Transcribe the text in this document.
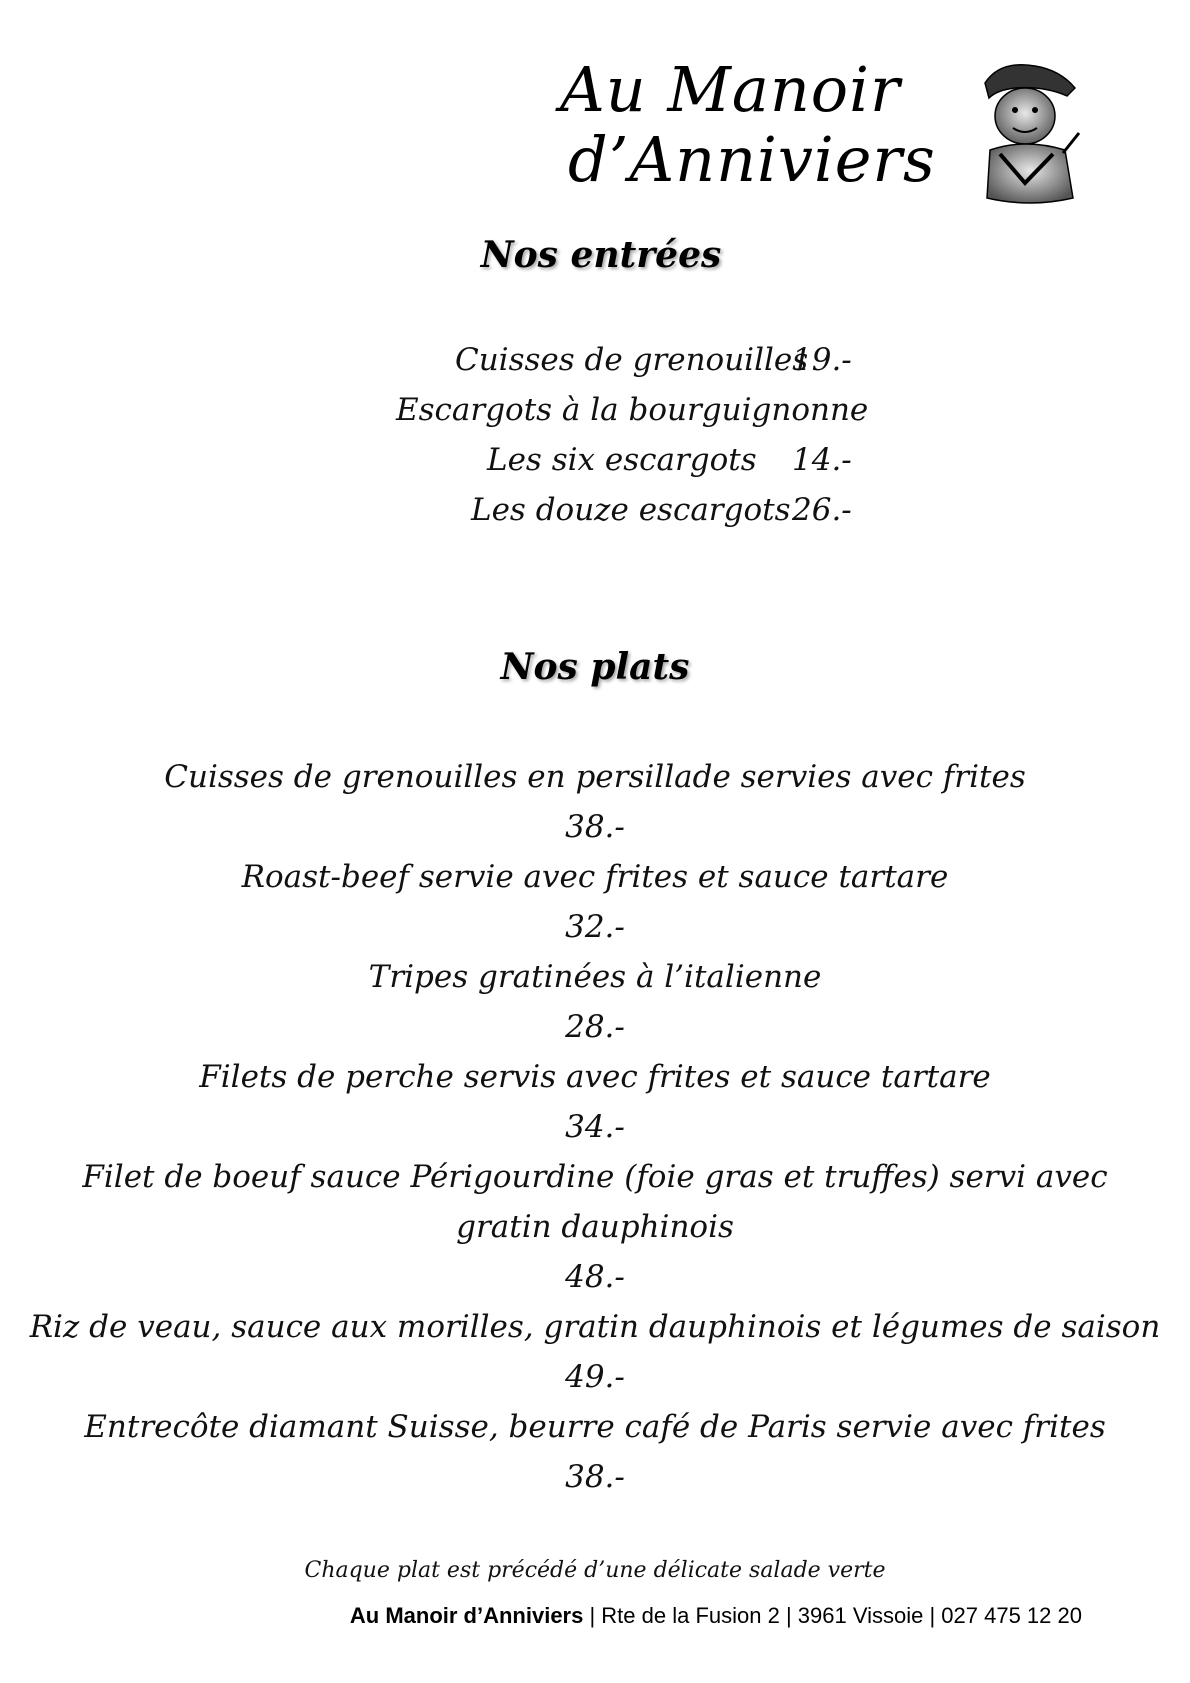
Au Manoir
d’Anniviers
Nos entrées
Cuisses de grenouilles
19.-
Escargots à la bourguignonne
Les six escargots 14.-
Les douze escargots 26.-
Nos plats
Cuisses de grenouilles en persillade servies avec frites
38.-
Roast-beef servie avec frites et sauce tartare
32.-
Tripes gratinées à l’italienne
28.-
Filets de perche servis avec frites et sauce tartare
34.-
Filet de boeuf sauce Périgourdine (foie gras et truffes) servi avec
gratin dauphinois
48.-
Riz de veau, sauce aux morilles, gratin dauphinois et légumes de saison
49.-
Entrecôte diamant Suisse, beurre café de Paris servie avec frites
38.-
Chaque plat est précédé d’une délicate salade verte
Au Manoir d’Anniviers | Rte de la Fusion 2 | 3961 Vissoie | 027 475 12 20
